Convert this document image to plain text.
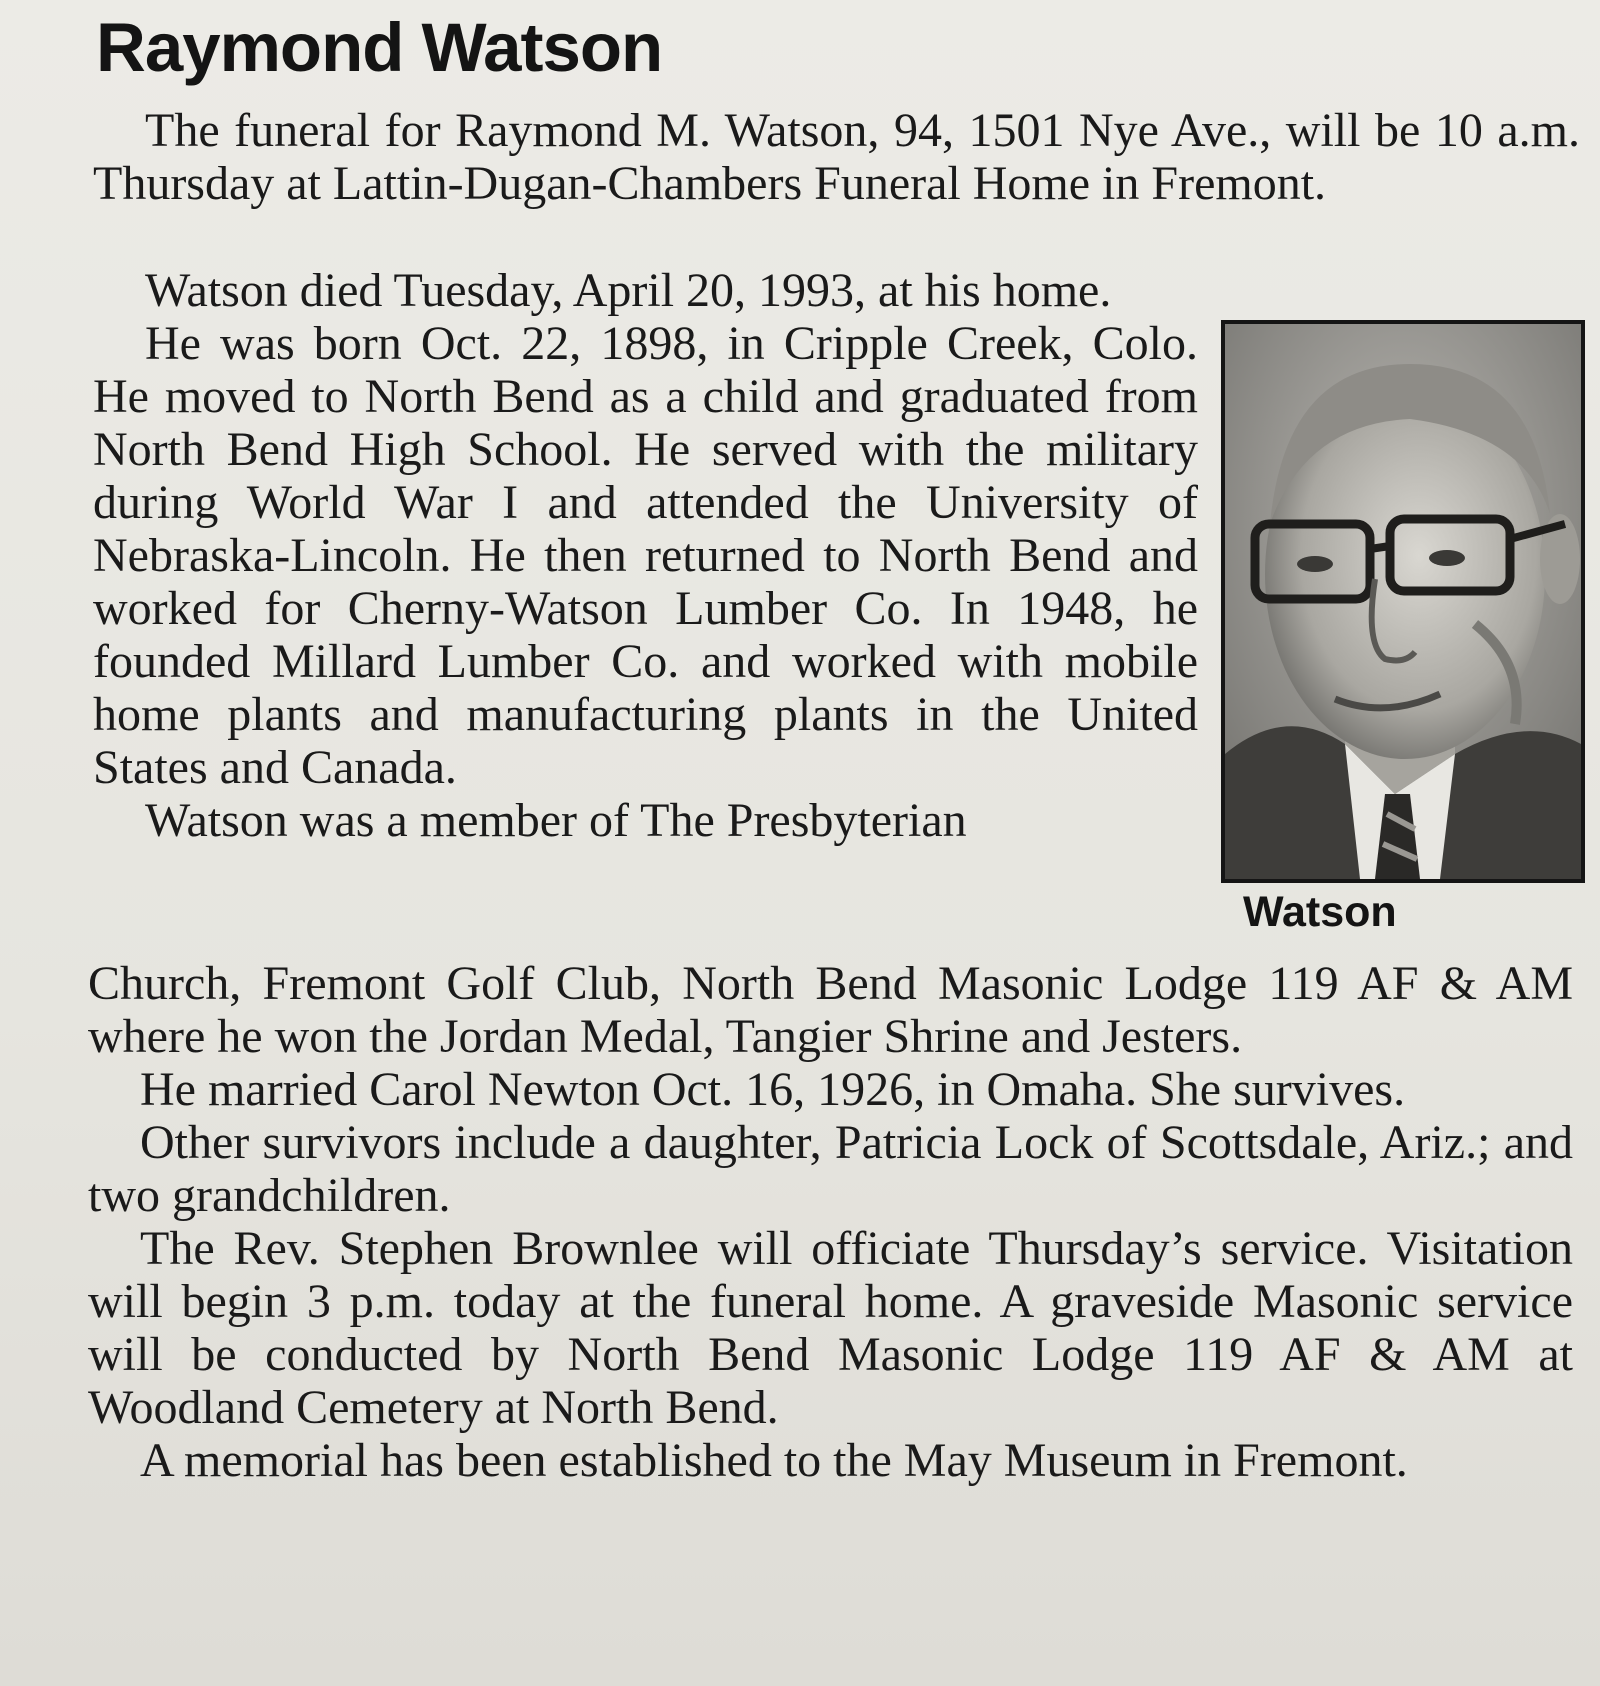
Raymond Watson

The funeral for Raymond M. Watson, 94, 1501 Nye Ave., will be 10 a.m. Thursday at Lattin-Dugan-Chambers Funeral Home in Fremont.

Watson died Tuesday, April 20, 1993, at his home.

He was born Oct. 22, 1898, in Cripple Creek, Colo. He moved to North Bend as a child and graduated from North Bend High School. He served with the military during World War I and attended the University of Nebraska-Lincoln. He then returned to North Bend and worked for Cherny-Watson Lumber Co. In 1948, he founded Millard Lumber Co. and worked with mobile home plants and manufacturing plants in the United States and Canada.

Watson was a member of The Presbyterian

Watson

Church, Fremont Golf Club, North Bend Masonic Lodge 119 AF & AM where he won the Jordan Medal, Tangier Shrine and Jesters.

He married Carol Newton Oct. 16, 1926, in Omaha. She survives.

Other survivors include a daughter, Patricia Lock of Scottsdale, Ariz.; and two grandchildren.

The Rev. Stephen Brownlee will officiate Thursday’s service. Visitation will begin 3 p.m. today at the funeral home. A graveside Masonic service will be conducted by North Bend Masonic Lodge 119 AF & AM at Woodland Cemetery at North Bend.

A memorial has been established to the May Museum in Fremont.
